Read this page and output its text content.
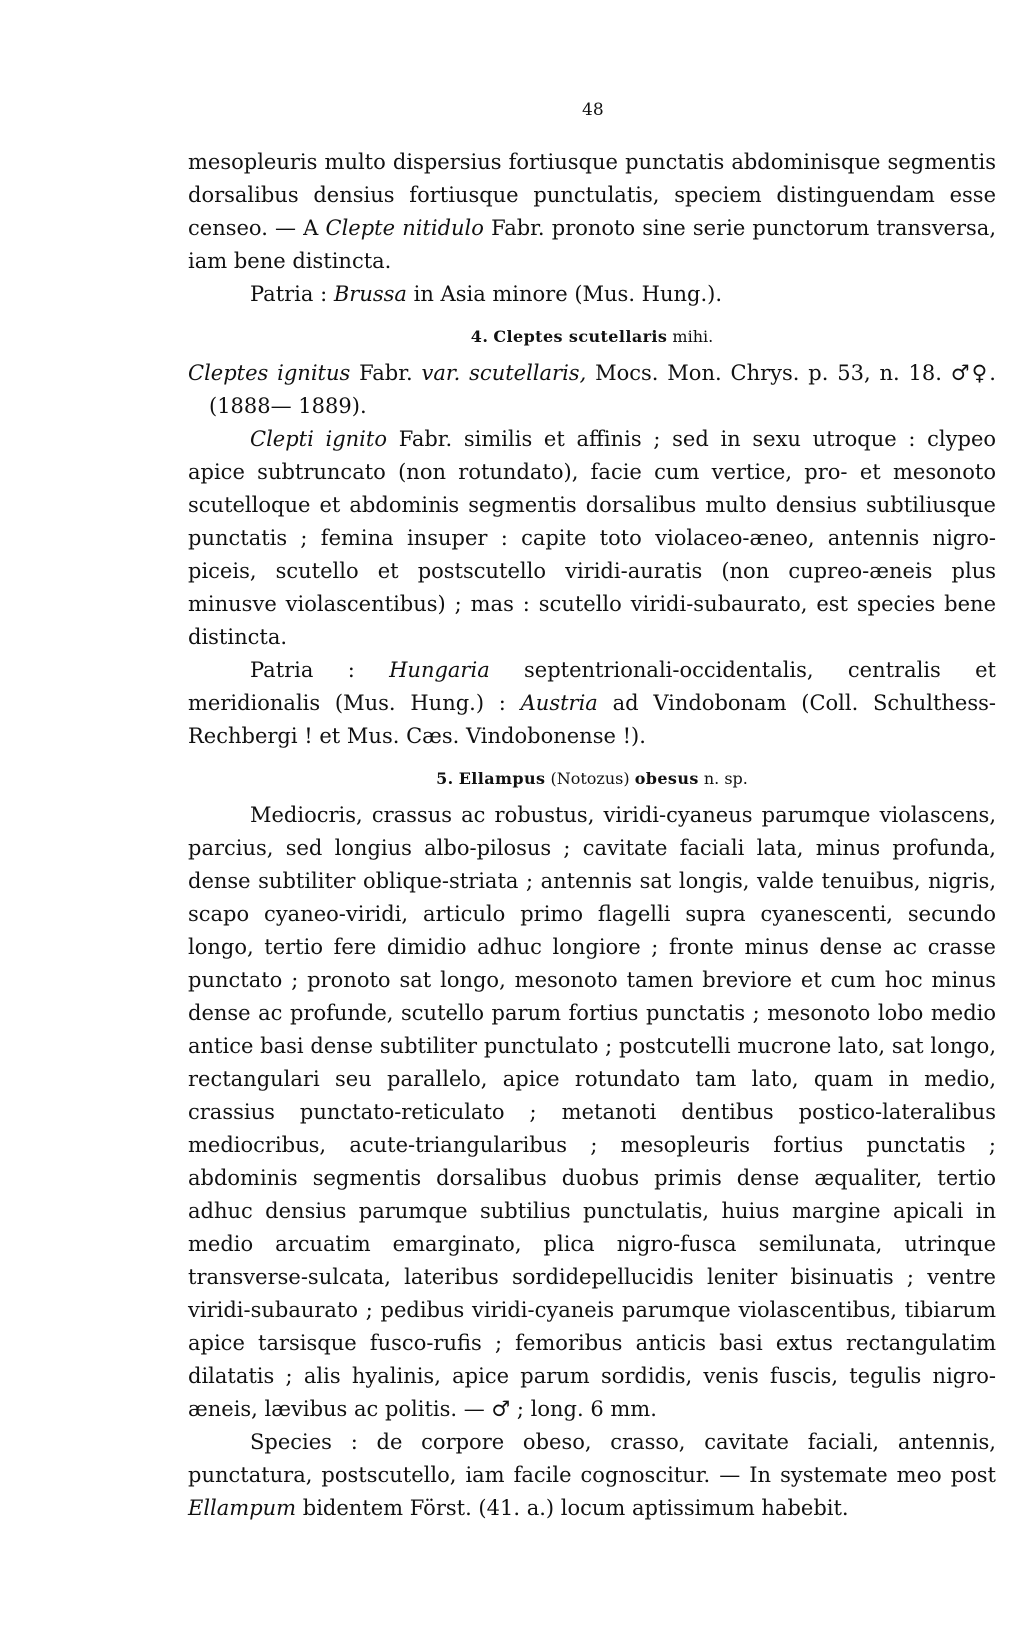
48

mesopleuris multo dispersius fortiusque punctatis abdominisque segmentis dorsalibus densius fortiusque punctulatis, speciem distinguendam esse censeo. — A Clepte nitidulo Fabr. pronoto sine serie punctorum transversa, iam bene distincta.

Patria : Brussa in Asia minore (Mus. Hung.).

4. Cleptes scutellaris mihi.

Cleptes ignitus Fabr. var. scutellaris, Mocs. Mon. Chrys. p. 53, n. 18. ♂♀. (1888— 1889).

Clepti ignito Fabr. similis et affinis ; sed in sexu utroque : clypeo apice subtruncato (non rotundato), facie cum vertice, pro- et mesonoto scutelloque et abdominis segmentis dorsalibus multo densius subtiliusque punctatis ; femina insuper : capite toto violaceo-æneo, antennis nigro-piceis, scutello et postscutello viridi-auratis (non cupreo-æneis plus minusve violascentibus) ; mas : scutello viridi-subaurato, est species bene distincta.

Patria : Hungaria septentrionali-occidentalis, centralis et meridionalis (Mus. Hung.) : Austria ad Vindobonam (Coll. Schulthess-Rechbergi ! et Mus. Cæs. Vindobonense !).

5. Ellampus (Notozus) obesus n. sp.

Mediocris, crassus ac robustus, viridi-cyaneus parumque violascens, parcius, sed longius albo-pilosus ; cavitate faciali lata, minus profunda, dense subtiliter oblique-striata ; antennis sat longis, valde tenuibus, nigris, scapo cyaneo-viridi, articulo primo flagelli supra cyanescenti, secundo longo, tertio fere dimidio adhuc longiore ; fronte minus dense ac crasse punctato ; pronoto sat longo, mesonoto tamen breviore et cum hoc minus dense ac profunde, scutello parum fortius punctatis ; mesonoto lobo medio antice basi dense subtiliter punctulato ; postcutelli mucrone lato, sat longo, rectangulari seu parallelo, apice rotundato tam lato, quam in medio, crassius punctato-reticulato ; metanoti dentibus postico-lateralibus mediocribus, acute-triangularibus ; mesopleuris fortius punctatis ; abdominis segmentis dorsalibus duobus primis dense æqualiter, tertio adhuc densius parumque subtilius punctulatis, huius margine apicali in medio arcuatim emarginato, plica nigro-fusca semilunata, utrinque transverse-sulcata, lateribus sordidepellucidis leniter bisinuatis ; ventre viridi-subaurato ; pedibus viridi-cyaneis parumque violascentibus, tibiarum apice tarsisque fusco-rufis ; femoribus anticis basi extus rectangulatim dilatatis ; alis hyalinis, apice parum sordidis, venis fuscis, tegulis nigro-æneis, lævibus ac politis. — ♂ ; long. 6 mm.

Species : de corpore obeso, crasso, cavitate faciali, antennis, punctatura, postscutello, iam facile cognoscitur. — In systemate meo post Ellampum bidentem Först. (41. a.) locum aptissimum habebit.
